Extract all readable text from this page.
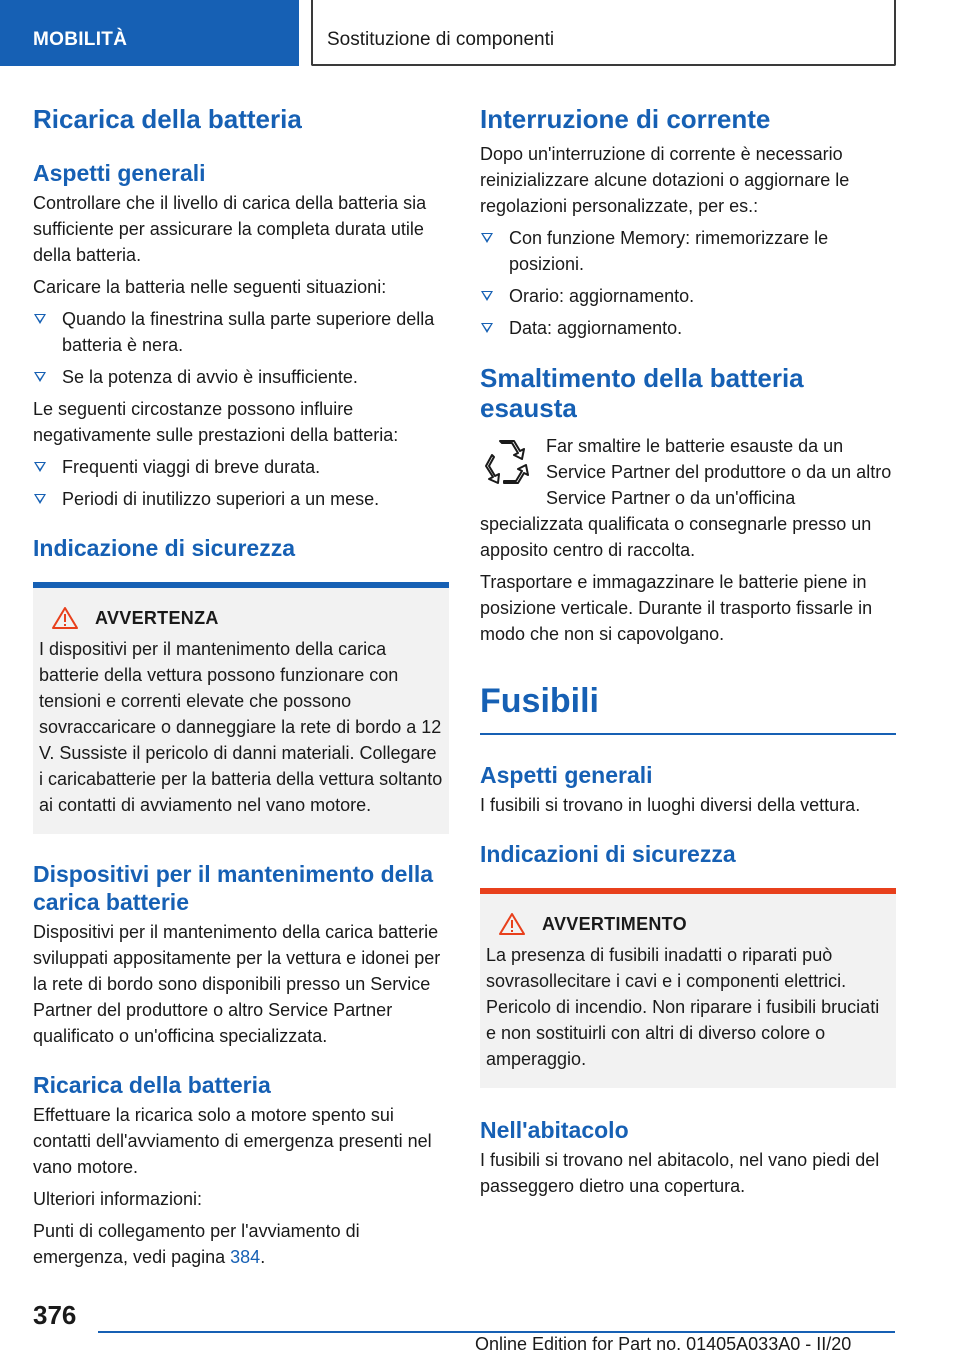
MOBILITÀ	Sostituzione di componenti
Ricarica della batteria
Aspetti generali

Controllare che il livello di carica della batteria sia sufficiente per assicurare la completa durata utile della batteria.

Caricare la batteria nelle seguenti situazioni:

Quando la finestrina sulla parte superiore della batteria è nera.
Se la potenza di avvio è insufficiente.

Le seguenti circostanze possono influire negativamente sulle prestazioni della batteria:

Frequenti viaggi di breve durata.
Periodi di inutilizzo superiori a un mese.
Indicazione di sicurezza
AVVERTENZA

I dispositivi per il mantenimento della carica batterie della vettura possono funzionare con tensioni e correnti elevate che possono sovraccaricare o danneggiare la rete di bordo a 12 V. Sussiste il pericolo di danni materiali. Collegare i caricabatterie per la batteria della vettura soltanto ai contatti di avviamento nel vano motore.

Dispositivi per il mantenimento della carica batterie

Dispositivi per il mantenimento della carica batterie sviluppati appositamente per la vettura e idonei per la rete di bordo sono disponibili presso un Service Partner del produttore o altro Service Partner qualificato o un'officina specializzata.

Ricarica della batteria

Effettuare la ricarica solo a motore spento sui contatti dell'avviamento di emergenza presenti nel vano motore.

Ulteriori informazioni:

Punti di collegamento per l'avviamento di emergenza, vedi pagina 384.

Interruzione di corrente

Dopo un'interruzione di corrente è necessario reinizializzare alcune dotazioni o aggiornare le regolazioni personalizzate, per es.:

Con funzione Memory: rimemorizzare le posizioni.
Orario: aggiornamento.
Data: aggiornamento.
Smaltimento della batteria esausta

Far smaltire le batterie esauste da un Service Partner del produttore o da un altro Service Partner o da un'officina specializzata qualificata o consegnarle presso un apposito centro di raccolta.

Trasportare e immagazzinare le batterie piene in posizione verticale. Durante il trasporto fissarle in modo che non si capovolgano.

Fusibili
Aspetti generali

I fusibili si trovano in luoghi diversi della vettura.

Indicazioni di sicurezza
AVVERTIMENTO

La presenza di fusibili inadatti o riparati può sovrasollecitare i cavi e i componenti elettrici. Pericolo di incendio. Non riparare i fusibili bruciati e non sostituirli con altri di diverso colore o amperaggio.

Nell'abitacolo

I fusibili si trovano nel abitacolo, nel vano piedi del passeggero dietro una copertura.

376
Online Edition for Part no. 01405A033A0 - II/20
